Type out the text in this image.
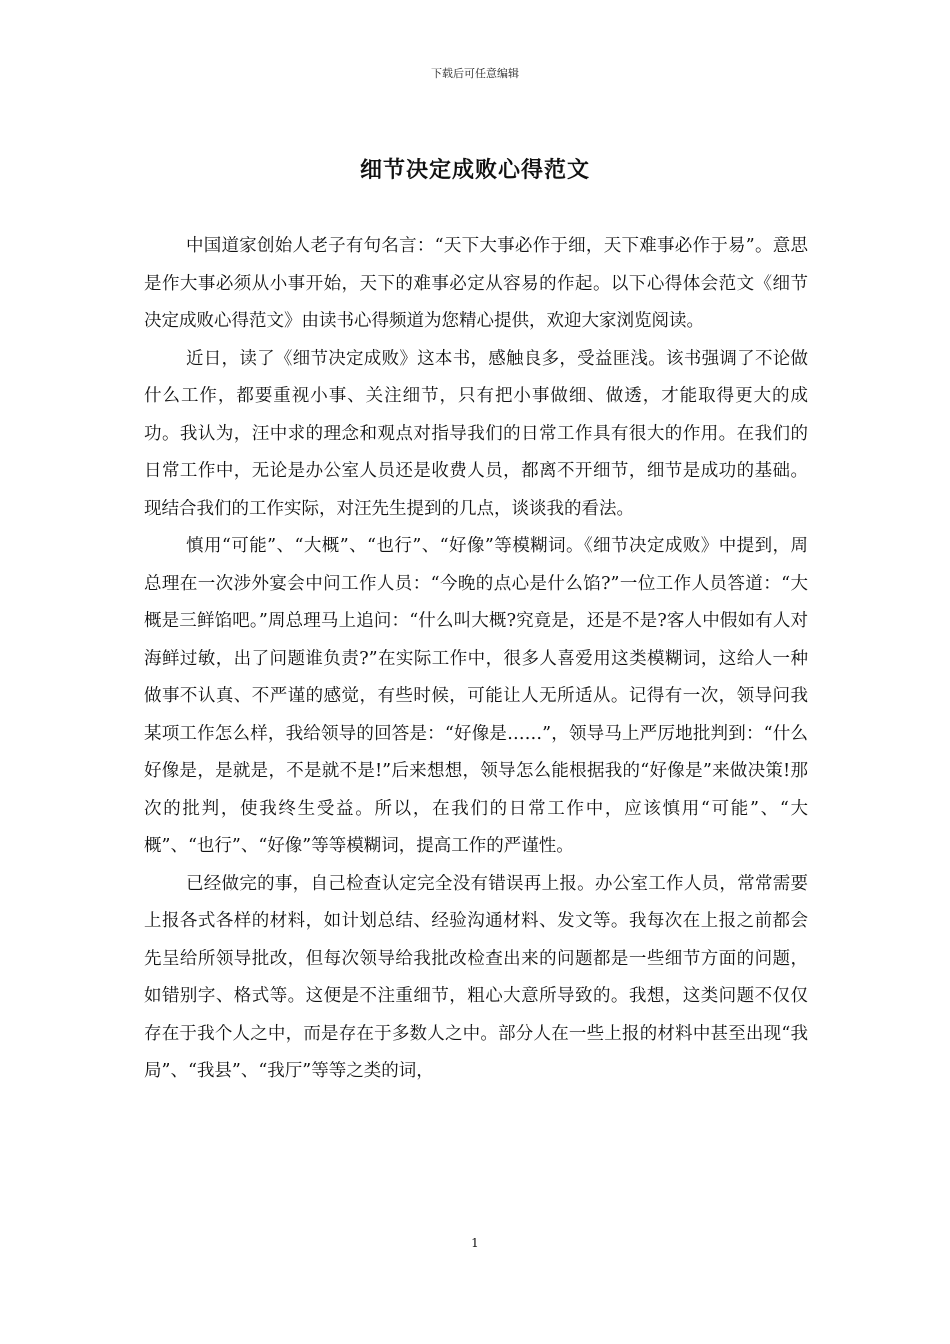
下载后可任意编辑
细节决定成败心得范文

中国道家创始人老子有句名言：“天下大事必作于细，天下难事必作于易”。意思是作大事必须从小事开始，天下的难事必定从容易的作起。以下心得体会范文《细节决定成败心得范文》由读书心得频道为您精心提供，欢迎大家浏览阅读。

近日，读了《细节决定成败》这本书，感触良多，受益匪浅。该书强调了不论做什么工作，都要重视小事、关注细节，只有把小事做细、做透，才能取得更大的成功。我认为，汪中求的理念和观点对指导我们的日常工作具有很大的作用。在我们的日常工作中，无论是办公室人员还是收费人员，都离不开细节，细节是成功的基础。现结合我们的工作实际，对汪先生提到的几点，谈谈我的看法。

慎用“可能”、“大概”、“也行”、“好像”等模糊词。《细节决定成败》中提到，周总理在一次涉外宴会中问工作人员：“今晚的点心是什么馅?”一位工作人员答道：“大概是三鲜馅吧。”周总理马上追问：“什么叫大概?究竟是，还是不是?客人中假如有人对海鲜过敏，出了问题谁负责?”在实际工作中，很多人喜爱用这类模糊词，这给人一种做事不认真、不严谨的感觉，有些时候，可能让人无所适从。记得有一次，领导问我某项工作怎么样，我给领导的回答是：“好像是……”，领导马上严厉地批判到：“什么好像是，是就是，不是就不是!”后来想想，领导怎么能根据我的“好像是”来做决策!那次的批判，使我终生受益。所以，在我们的日常工作中，应该慎用“可能”、“大概”、“也行”、“好像”等等模糊词，提高工作的严谨性。

已经做完的事，自己检查认定完全没有错误再上报。办公室工作人员，常常需要上报各式各样的材料，如计划总结、经验沟通材料、发文等。我每次在上报之前都会先呈给所领导批改，但每次领导给我批改检查出来的问题都是一些细节方面的问题，如错别字、格式等。这便是不注重细节，粗心大意所导致的。我想，这类问题不仅仅存在于我个人之中，而是存在于多数人之中。部分人在一些上报的材料中甚至出现“我局”、“我县”、“我厅”等等之类的词，

1
